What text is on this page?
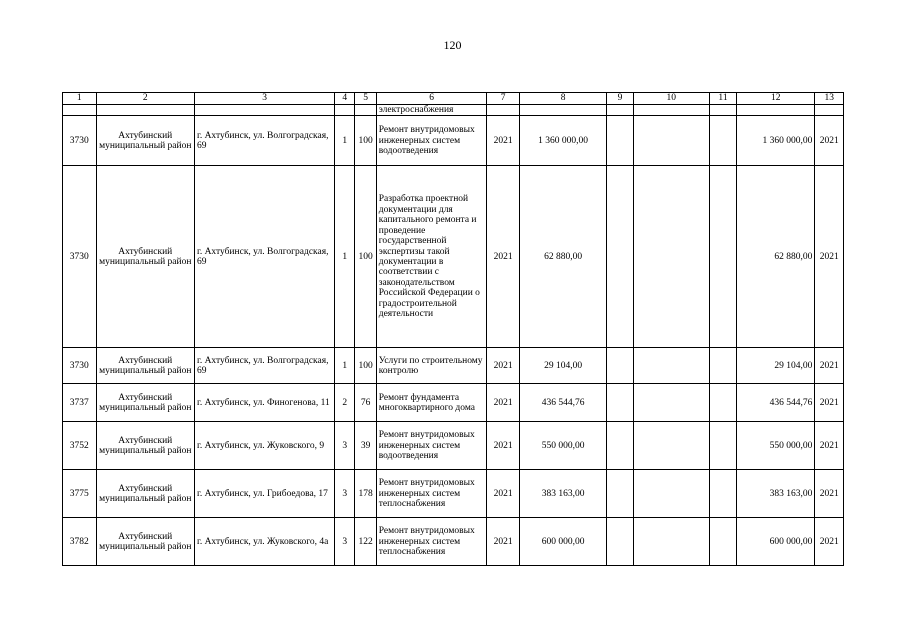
120
1	2	3	4	5	6	7	8	9	10	11	12	13
					электроснабжения							
3730	Ахтубинский муниципальный район	г. Ахтубинск, ул. Волгоградская, 69	1	100	Ремонт внутридомовых инженерных систем водоотведения	2021	1 360 000,00				1 360 000,00	2021
3730	Ахтубинский муниципальный район	г. Ахтубинск, ул. Волгоградская, 69	1	100	Разработка проектной документации для капитального ремонта и проведение государственной экспертизы такой документации в соответствии с законодательством Российской Федерации о градостроительной деятельности	2021	62 880,00				62 880,00	2021
3730	Ахтубинский муниципальный район	г. Ахтубинск, ул. Волгоградская, 69	1	100	Услуги по строительному контролю	2021	29 104,00				29 104,00	2021
3737	Ахтубинский муниципальный район	г. Ахтубинск, ул. Финогенова, 11	2	76	Ремонт фундамента многоквартирного дома	2021	436 544,76				436 544,76	2021
3752	Ахтубинский муниципальный район	г. Ахтубинск, ул. Жуковского, 9	3	39	Ремонт внутридомовых инженерных систем водоотведения	2021	550 000,00				550 000,00	2021
3775	Ахтубинский муниципальный район	г. Ахтубинск, ул. Грибоедова, 17	3	178	Ремонт внутридомовых инженерных систем теплоснабжения	2021	383 163,00				383 163,00	2021
3782	Ахтубинский муниципальный район	г. Ахтубинск, ул. Жуковского, 4а	3	122	Ремонт внутридомовых инженерных систем теплоснабжения	2021	600 000,00				600 000,00	2021
